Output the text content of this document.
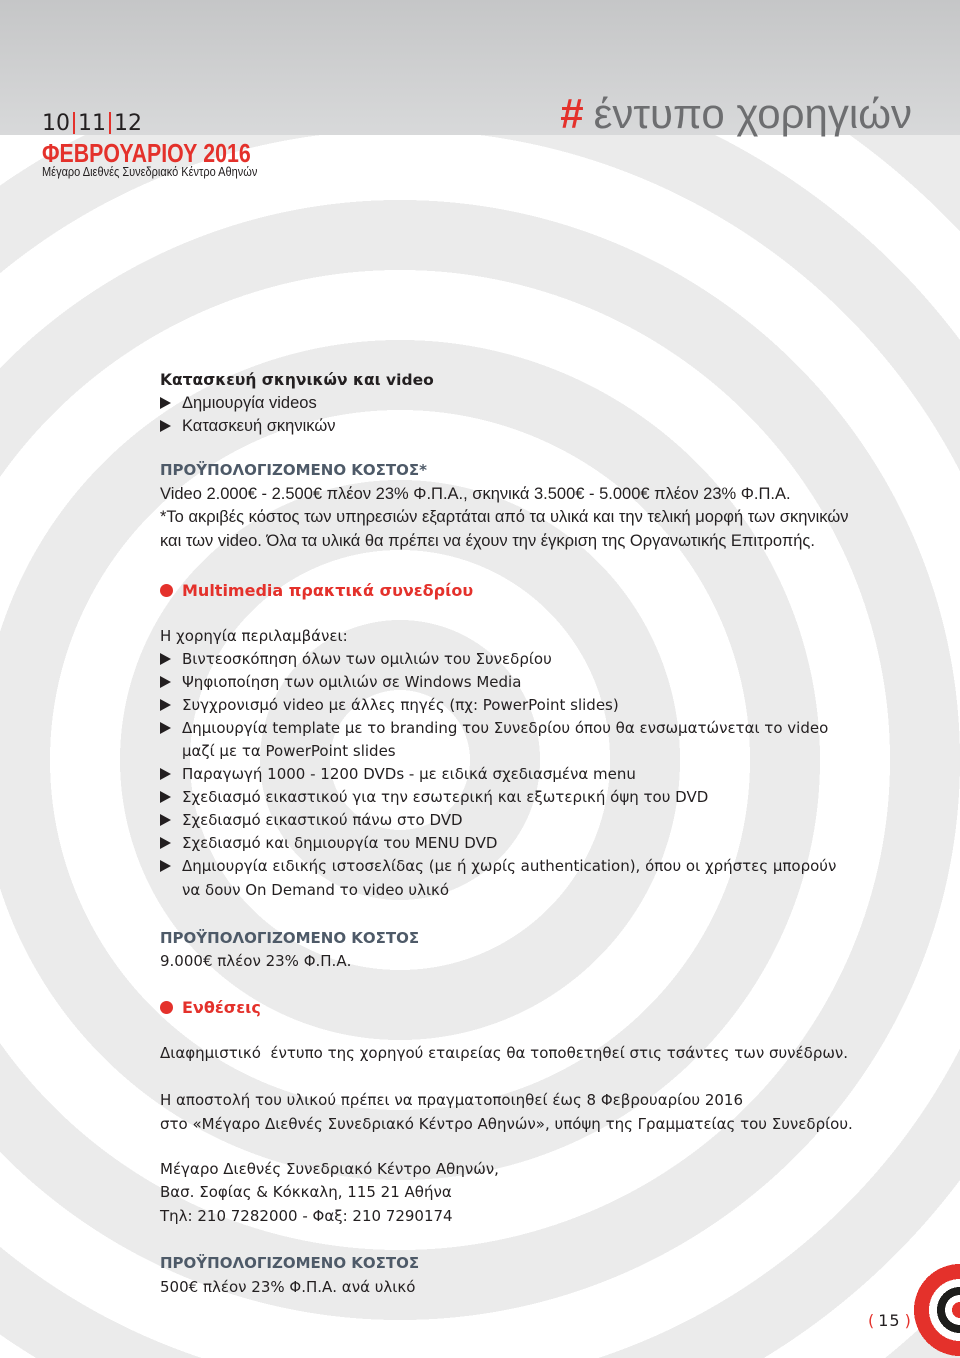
10 11 12
ΦΕΒΡΟΥΑΡΙΟΥ 2016
Μέγαρο Διεθνές Συνεδριακό Κέντρο Αθηνών
# έντυπο χορηγιών
Κατασκευή σκηνικών και video
Δημιουργία videos
Κατασκευή σκηνικών
ΠΡΟΫΠΟΛΟΓΙΖΟΜΕΝΟ ΚΟΣΤΟΣ*
Video 2.000€ - 2.500€ πλέον 23% Φ.Π.Α., σκηνικά 3.500€ - 5.000€ πλέον 23% Φ.Π.Α.
*Το ακριβές κόστος των υπηρεσιών εξαρτάται από τα υλικά και την τελική μορφή των σκηνικών
και των video. Όλα τα υλικά θα πρέπει να έχουν την έγκριση της Οργανωτικής Επιτροπής.
Multimedia πρακτικά συνεδρίου
Η χορηγία περιλαμβάνει:
Βιντεοσκόπηση όλων των ομιλιών του Συνεδρίου
Ψηφιοποίηση των ομιλιών σε Windows Media
Συγχρονισμό video με άλλες πηγές (πχ: PowerPoint slides)
Δημιουργία template με το branding του Συνεδρίου όπου θα ενσωματώνεται το video
μαζί με τα PowerPoint slides
Παραγωγή 1000 - 1200 DVDs - με ειδικά σχεδιασμένα menu
Σχεδιασμό εικαστικού για την εσωτερική και εξωτερική όψη του DVD
Σχεδιασμό εικαστικού πάνω στο DVD
Σχεδιασμό και δημιουργία του MENU DVD
Δημιουργία ειδικής ιστοσελίδας (με ή χωρίς authentication), όπου οι χρήστες μπορούν
να δουν On Demand το video υλικό
ΠΡΟΫΠΟΛΟΓΙΖΟΜΕΝΟ ΚΟΣΤΟΣ
9.000€ πλέον 23% Φ.Π.Α.
Ενθέσεις
Διαφημιστικό  έντυπο της χορηγού εταιρείας θα τοποθετηθεί στις τσάντες των συνέδρων.
Η αποστολή του υλικού πρέπει να πραγματοποιηθεί έως 8 Φεβρουαρίου 2016
στο «Μέγαρο Διεθνές Συνεδριακό Κέντρο Αθηνών», υπόψη της Γραμματείας του Συνεδρίου.
Μέγαρο Διεθνές Συνεδριακό Κέντρο Αθηνών,
Βασ. Σοφίας & Κόκκαλη, 115 21 Αθήνα
Τηλ: 210 7282000 - Φαξ: 210 7290174
ΠΡΟΫΠΟΛΟΓΙΖΟΜΕΝΟ ΚΟΣΤΟΣ
500€ πλέον 23% Φ.Π.Α. ανά υλικό
( 15 )
